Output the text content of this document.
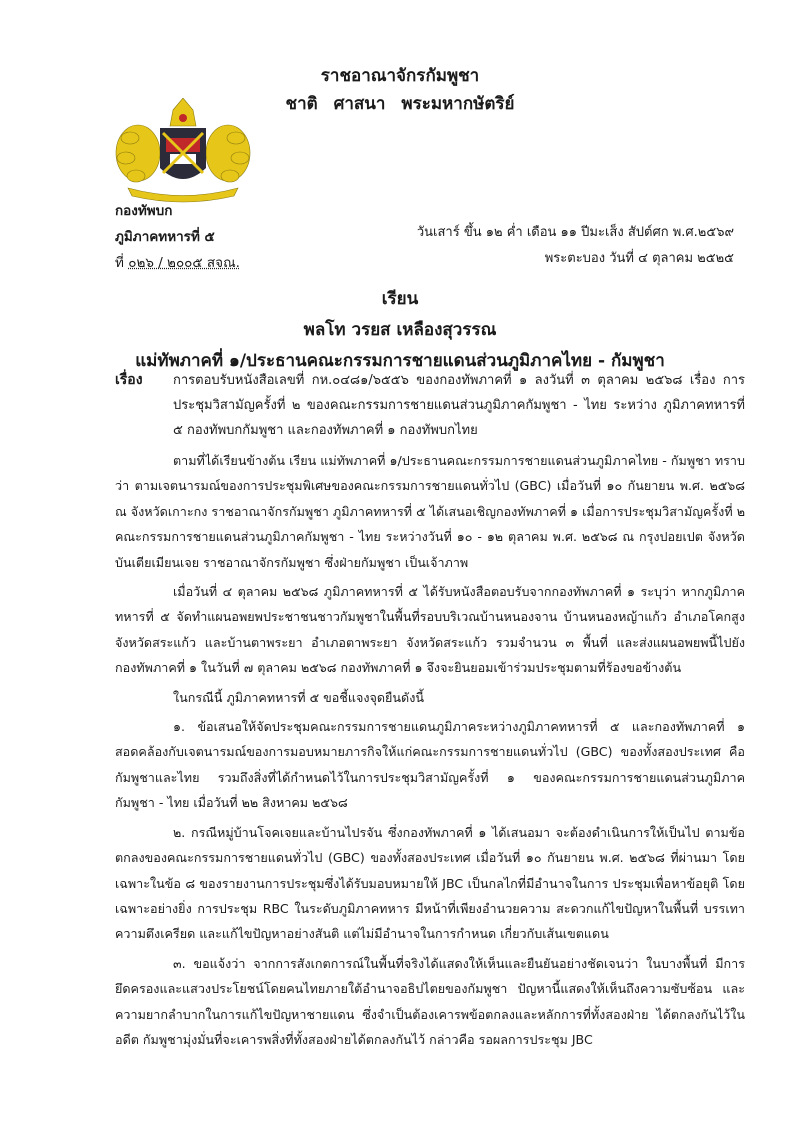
ราชอาณาจักรกัมพูชา
ชาติ ศาสนา พระมหากษัตริย์
กองทัพบก
ภูมิภาคทหารที่ ๕
ที่ ๐๒๖ / ๒๐๐๕ สจณ.
วันเสาร์ ขึ้น ๑๒ ค่ำ เดือน ๑๑ ปีมะเส็ง สัปต์ศก พ.ศ.๒๕๖๙
พระตะบอง วันที่ ๔ ตุลาคม ๒๕๒๕
เรียน
พลโท วรยส เหลืองสุวรรณ
แม่ทัพภาคที่ ๑/ประธานคณะกรรมการชายแดนส่วนภูมิภาคไทย - กัมพูชา
เรื่อง การตอบรับหนังสือเลขที่ กห.๐๔๘๑/๖๕๕๖ ของกองทัพภาคที่ ๑ ลงวันที่ ๓ ตุลาคม ๒๕๖๘ เรื่อง การประชุมวิสามัญครั้งที่ ๒ ของคณะกรรมการชายแดนส่วนภูมิภาคกัมพูชา - ไทย ระหว่าง ภูมิภาคทหารที่ ๕ กองทัพบกกัมพูชา และกองทัพภาคที่ ๑ กองทัพบกไทย

ตามที่ได้เรียนข้างต้น เรียน แม่ทัพภาคที่ ๑/ประธานคณะกรรมการชายแดนส่วนภูมิภาคไทย - กัมพูชา ทราบว่า ตามเจตนารมณ์ของการประชุมพิเศษของคณะกรรมการชายแดนทั่วไป (GBC) เมื่อวันที่ ๑๐ กันยายน พ.ศ. ๒๕๖๘ ณ จังหวัดเกาะกง ราชอาณาจักรกัมพูชา ภูมิภาคทหารที่ ๕ ได้เสนอเชิญกองทัพภาคที่ ๑ เมื่อการประชุมวิสามัญครั้งที่ ๒ คณะกรรมการชายแดนส่วนภูมิภาคกัมพูชา - ไทย ระหว่างวันที่ ๑๐ - ๑๒ ตุลาคม พ.ศ. ๒๕๖๘ ณ กรุงปอยเปต จังหวัดบันเตียเมียนเจย ราชอาณาจักรกัมพูชา ซึ่งฝ่ายกัมพูชา เป็นเจ้าภาพ

เมื่อวันที่ ๔ ตุลาคม ๒๕๖๘ ภูมิภาคทหารที่ ๕ ได้รับหนังสือตอบรับจากกองทัพภาคที่ ๑ ระบุว่า หากภูมิภาคทหารที่ ๕ จัดทำแผนอพยพประชาชนชาวกัมพูชาในพื้นที่รอบบริเวณบ้านหนองจาน บ้านหนองหญ้าแก้ว อำเภอโคกสูง จังหวัดสระแก้ว และบ้านตาพระยา อำเภอตาพระยา จังหวัดสระแก้ว รวมจำนวน ๓ พื้นที่ และส่งแผนอพยพนี้ไปยังกองทัพภาคที่ ๑ ในวันที่ ๗ ตุลาคม ๒๕๖๘ กองทัพภาคที่ ๑ จึงจะยินยอมเข้าร่วมประชุมตามที่ร้องขอข้างต้น

ในกรณีนี้ ภูมิภาคทหารที่ ๕ ขอชี้แจงจุดยืนดังนี้

๑. ข้อเสนอให้จัดประชุมคณะกรรมการชายแดนภูมิภาคระหว่างภูมิภาคทหารที่ ๕ และกองทัพภาคที่ ๑ สอดคล้องกับเจตนารมณ์ของการมอบหมายภารกิจให้แก่คณะกรรมการชายแดนทั่วไป (GBC) ของทั้งสองประเทศ คือกัมพูชาและไทย รวมถึงสิ่งที่ได้กำหนดไว้ในการประชุมวิสามัญครั้งที่ ๑ ของคณะกรรมการชายแดนส่วนภูมิภาค กัมพูชา - ไทย เมื่อวันที่ ๒๒ สิงหาคม ๒๕๖๘

๒. กรณีหมู่บ้านโจคเจยและบ้านไปรจัน ซึ่งกองทัพภาคที่ ๑ ได้เสนอมา จะต้องดำเนินการให้เป็นไป ตามข้อตกลงของคณะกรรมการชายแดนทั่วไป (GBC) ของทั้งสองประเทศ เมื่อวันที่ ๑๐ กันยายน พ.ศ. ๒๕๖๘ ที่ผ่านมา โดยเฉพาะในข้อ ๘ ของรายงานการประชุมซึ่งได้รับมอบหมายให้ JBC เป็นกลไกที่มีอำนาจในการ ประชุมเพื่อหาข้อยุติ โดยเฉพาะอย่างยิ่ง การประชุม RBC ในระดับภูมิภาคทหาร มีหน้าที่เพียงอำนวยความ สะดวกแก้ไขปัญหาในพื้นที่ บรรเทาความตึงเครียด และแก้ไขปัญหาอย่างสันติ แต่ไม่มีอำนาจในการกำหนด เกี่ยวกับเส้นเขตแดน

๓. ขอแจ้งว่า จากการสังเกตการณ์ในพื้นที่จริงได้แสดงให้เห็นและยืนยันอย่างชัดเจนว่า ในบางพื้นที่ มีการยึดครองและแสวงประโยชน์โดยคนไทยภายใต้อำนาจอธิปไตยของกัมพูชา ปัญหานี้แสดงให้เห็นถึงความซับซ้อน และความยากลำบากในการแก้ไขปัญหาชายแดน ซึ่งจำเป็นต้องเคารพข้อตกลงและหลักการที่ทั้งสองฝ่าย ได้ตกลงกันไว้ในอดีต กัมพูชามุ่งมั่นที่จะเคารพสิ่งที่ทั้งสองฝ่ายได้ตกลงกันไว้ กล่าวคือ รอผลการประชุม JBC
